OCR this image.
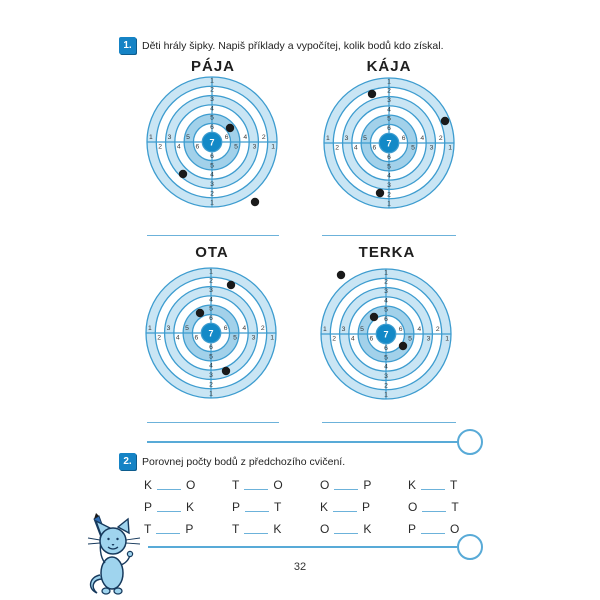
1. Děti hrály šipky. Napiš příklady a vypočítej, kolik bodů kdo získal.
PÁJA	KÁJA
OTA	TERKA
7
1
1
1
1
2
2
2
2
3
3
3
3
4
4
4
4
5
5
5
5
6
6
6
6
7
1
1
1
1
2
2
2
2
3
3
3
3
4
4
4
4
5
5
5
5
6
6
6
6
7
1
1
1
1
2
2
2
2
3
3
3
3
4
4
4
4
5
5
5
5
6
6
6
6
7
1
1
1
1
2
2
2
2
3
3
3
3
4
4
4
4
5
5
5
5
6
6
6
6
2. Porovnej počty bodů z předchozího cvičení.
K	O	T	O	O	P	K	T
P	K	P	T	K	P	O	T
T	P	T	K	O	K	P	O
32
